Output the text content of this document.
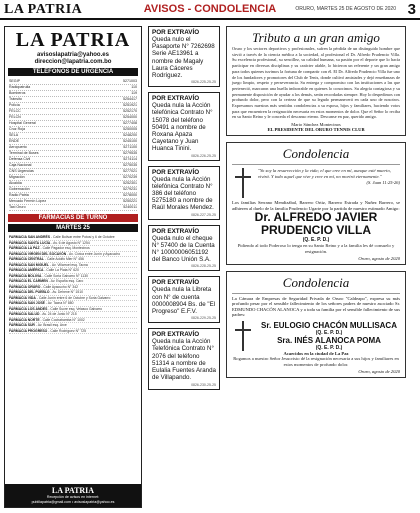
LA PATRIA	AVISOS - CONDOLENCIA	ORURO, MARTES 25 DE AGOSTO DE 2020 3
LA PATRIA
avisoslapatria@yahoo.es
direccion@lapatria.com.bo
TELÉFONOS DE URGENCIA
SEGIP	5271003
Radiopatrulla	110
Bomberos	119
Tránsito	5254417
Policía	5251921
FELCC	5252170
FELCN	5254000
Hospital General	5277408
Cruz Roja	5250005
SELA	5248200
ENDE	5245100
Aeropuerto	5271100
Terminal de Buses	5279535
Defensa Civil	5274114
Caja Nacional	5275035
CNS Urgencias	5277021
Migración	5270239
Alcaldía	5252301
Gobernación	5279231
Radio Patria	5278000
Mercado Fermín López	5250221
Taxi Oruro	5240011
FARMACIAS DE TURNO
MARTES 25
FARMACIA SAN ANDRÉS - Calle Bolívar entre Potosí y 6 de Octubre
FARMACIA SANTA LUCÍA - Av. 6 de Agosto N° 1254
FARMACIA LA PAZ - Calle Pagador esq. Montecinos
FARMACIA VIRGEN DEL SOCAVÓN - Av. Cívica entre Junín y Ayacucho
FARMACIA CENTRAL - Calle Adolfo Mier N° 456
FARMACIA SAN MIGUEL - Av. Villarroel esq. Tacna
FARMACIA AMÉRICA - Calle La Plata N° 620
FARMACIA BOLIVIA - Calle Soria Galvarro N° 1130
FARMACIA EL CARMEN - Av. España esq. Caro
FARMACIA ORURO - Calle Ayacucho N° 342
FARMACIA DEL PUEBLO - Av. Dehene N° 1510
FARMACIA VIDA - Calle Junín entre 6 de Octubre y Soria Galvarro
FARMACIA SAN JOSÉ - Av. Tacna N° 880
FARMACIA LOS ANDES - Calle Sucre esq. Velasco Galvarro
FARMACIA SALUD - Av. 24 de Junio N° 215
FARMACIA NORTE - Calle Cochabamba N° 1002
FARMACIA SUR - Av. Brasil esq. Arce
FARMACIA PROGRESO - Calle Rodríguez N° 725
LA PATRIA
Recepción de avisos en internet:
publilapatria@gmail.com • avisoslapatria@yahoo.es
POR EXTRAVÍO
Queda nulo el Pasaporte N° 7262698 Serie AE13961 a nombre de Magaly Laura Cáceres Rodríguez.
0826-225-25-25
POR EXTRAVÍO
Queda nula la Acción telefónica Contrato N° 15078 del teléfono 50491 a nombre de Roxana Apaza Cayetano y Juan Huanca Tinini.
0826-226-25-25
POR EXTRAVÍO
Queda nula la Acción telefónica Contrato N° 386 del teléfono 5275180 a nombre de Raúl Morales Mendez.
0826-227-25-25
POR EXTRAVÍO
Queda nulo el cheque N° 57400 de la Cuenta N° 10000006051192 del Banco Unión S.A.
0826-228-25-25
POR EXTRAVÍO
Queda nula la Libreta con N° de cuenta 0000008904 Bs. de "El Progreso" E.F.V.
0826-229-25-25
POR EXTRAVÍO
Queda nula la Acción Telefónica Contrato N° 2076 del teléfono 51314 a nombre de Eulalia Fuentes Aranda de Villapando.
0826-230-25-25
Tributo a un gran amigo
Oruro y los sectores deportivos y profesionales, sufren la pérdida de un distinguido hombre que sirvió a través de la ciencia médica a la sociedad, al profesional el Dr. Alfredo Prudencio Villa. Su excelencia profesional, su sencillez, su calidad humana, su pasión por el deporte que lo hacía participar en diversas disciplinas y su carácter afable, lo hicieron un referente y un gran amigo para todos quienes tuvimos la fortuna de compartir con él. El Dr. Alfredo Prudencio Villa fue uno de los fundadores y promotores del Club de Tenis, donde cultivó amistades y dejó enseñanzas de juego limpio, respeto y perseverancia. Su entrega y compromiso con las instituciones a las que perteneció, marcaron una huella imborrable en quienes lo conocimos. Su alegría contagiosa y su permanente disposición de ayudar a los demás, serán recordadas siempre. Hoy lo despedimos con profundo dolor, pero con la certeza de que su legado permanecerá en cada uno de nosotros. Expresamos nuestras más sentidas condolencias a su esposa, hijos y familiares, haciendo votos para que encuentren la resignación necesaria en estos momentos de dolor. Que el Señor lo reciba en su Santo Reino y le conceda el descanso eterno. Descanse en paz, querido amigo.
Mario Sánchez Montecinos
EL PRESIDENTE DEL ORURO TENNIS CLUB
Condolencia
"Yo soy la resurrección y la vida; el que cree en mí, aunque esté muerto, vivirá. Y todo aquel que vive y cree en mí, no morirá eternamente."
(S. Juan 11:25-26)
Los familias Serrano Mendizábal, Barrero Ortiz, Barrero Estrada y Nuñez Barrero, se adhieren al duelo de la familia Prudencio Ugarte por la partida de nuestro estimado Amigo:
Dr. ALFREDO JAVIER
PRUDENCIO VILLA
(Q. E. P. D.)
Pidiendo al todo Poderoso lo tenga en su Santo Reino y a la familia les dé consuelo y resignación.
Oruro, agosto de 2020
Condolencia
La Cámara de Empresas de Seguridad Privada de Oruro "Caldeapo", expresa su más profundo pesar por el sensible fallecimiento de los señores padres de nuestro asociado Sr. EDMUNDO CHACÓN ALANOCA y a toda su familia por el sensible fallecimiento de sus padres:
Sr. EULOGIO CHACÓN MULLISACA
(Q. E. P. D.)
Sra. INÉS ALANOCA POMA
(Q. E. P. D.)
Acaecidos en la ciudad de La Paz
Rogamos a nuestro Señor Jesucristo dé la resignación necesaria a sus hijos y familiares en estos momentos de profundo dolor.
Oruro, agosto de 2020
